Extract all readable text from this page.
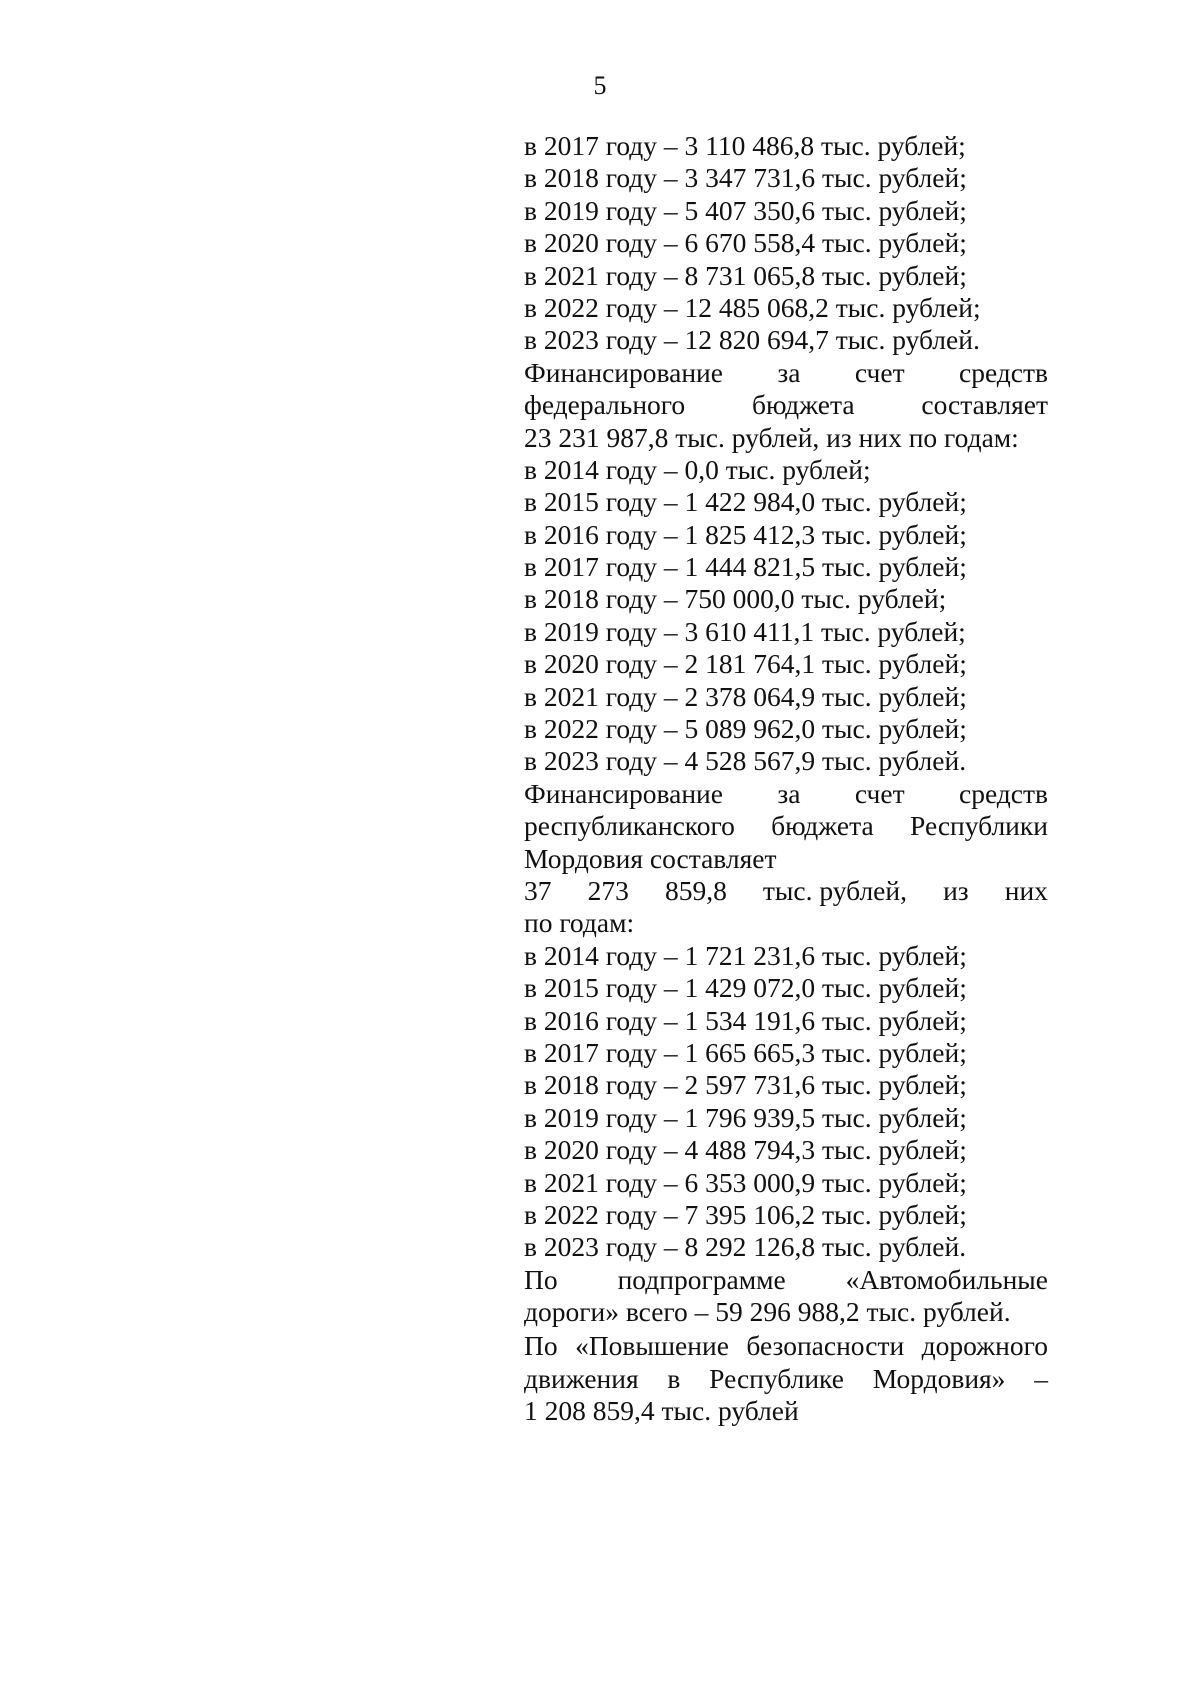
5
в 2017 году – 3 110 486,8 тыс. рублей;
в 2018 году – 3 347 731,6 тыс. рублей;
в 2019 году – 5 407 350,6 тыс. рублей;
в 2020 году – 6 670 558,4 тыс. рублей;
в 2021 году – 8 731 065,8 тыс. рублей;
в 2022 году – 12 485 068,2 тыс. рублей;
в 2023 году – 12 820 694,7 тыс. рублей.
Финансирование за счет средств
федерального бюджета составляет
23 231 987,8 тыс. рублей, из них по годам:
в 2014 году – 0,0 тыс. рублей;
в 2015 году – 1 422 984,0 тыс. рублей;
в 2016 году – 1 825 412,3 тыс. рублей;
в 2017 году – 1 444 821,5 тыс. рублей;
в 2018 году – 750 000,0 тыс. рублей;
в 2019 году – 3 610 411,1 тыс. рублей;
в 2020 году – 2 181 764,1 тыс. рублей;
в 2021 году – 2 378 064,9 тыс. рублей;
в 2022 году – 5 089 962,0 тыс. рублей;
в 2023 году – 4 528 567,9 тыс. рублей.
Финансирование за счет средств
республиканского бюджета Республики
Мордовия составляет
37 273 859,8 тыс. рублей, из них
по годам:
в 2014 году – 1 721 231,6 тыс. рублей;
в 2015 году – 1 429 072,0 тыс. рублей;
в 2016 году – 1 534 191,6 тыс. рублей;
в 2017 году – 1 665 665,3 тыс. рублей;
в 2018 году – 2 597 731,6 тыс. рублей;
в 2019 году – 1 796 939,5 тыс. рублей;
в 2020 году – 4 488 794,3 тыс. рублей;
в 2021 году – 6 353 000,9 тыс. рублей;
в 2022 году – 7 395 106,2 тыс. рублей;
в 2023 году – 8 292 126,8 тыс. рублей.
По подпрограмме «Автомобильные
дороги» всего – 59 296 988,2 тыс. рублей.
По «Повышение безопасности дорожного
движения в Республике Мордовия» –
1 208 859,4 тыс. рублей
